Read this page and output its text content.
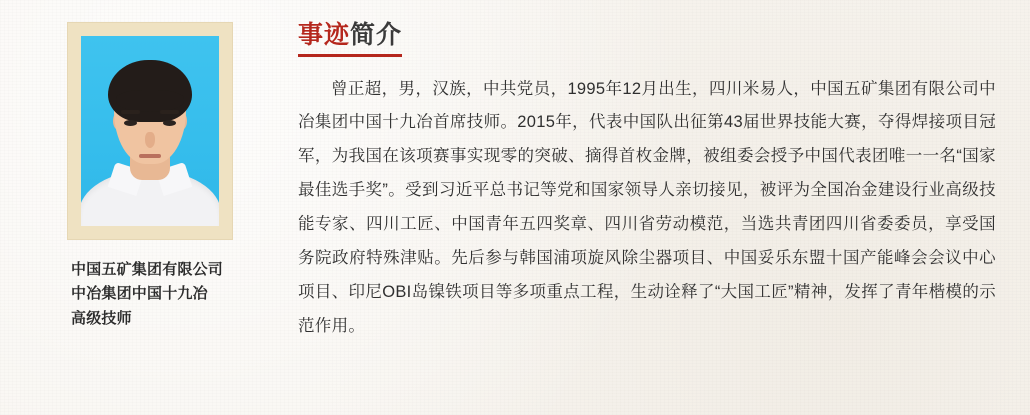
中国五矿集团有限公司
中冶集团中国十九冶
高级技师
事迹简介

曾正超，男，汉族，中共党员，1995年12月出生，四川米易人，中国五矿集团有限公司中冶集团中国十九冶首席技师。2015年，代表中国队出征第43届世界技能大赛，夺得焊接项目冠军，为我国在该项赛事实现零的突破、摘得首枚金牌，被组委会授予中国代表团唯一一名“国家最佳选手奖”。受到习近平总书记等党和国家领导人亲切接见，被评为全国冶金建设行业高级技能专家、四川工匠、中国青年五四奖章、四川省劳动模范，当选共青团四川省委委员，享受国务院政府特殊津贴。先后参与韩国浦项旋风除尘器项目、中国妥乐东盟十国产能峰会会议中心项目、印尼OBI岛镍铁项目等多项重点工程，生动诠释了“大国工匠”精神，发挥了青年楷模的示范作用。
